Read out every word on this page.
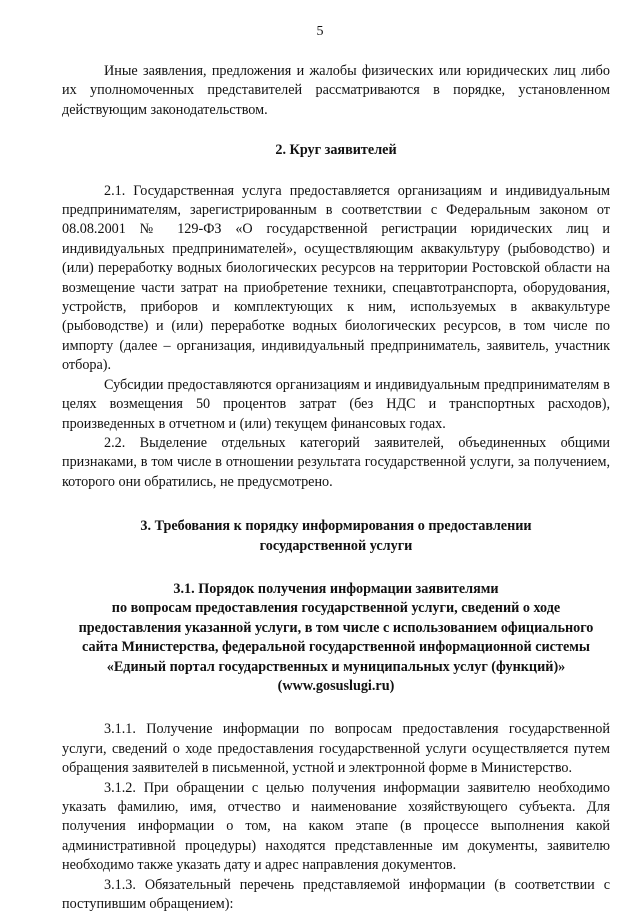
5

Иные заявления, предложения и жалобы физических или юридических лиц либо их уполномоченных представителей рассматриваются в порядке, установленном действующим законодательством.

2. Круг заявителей

2.1. Государственная услуга предоставляется организациям и индивидуальным предпринимателям, зарегистрированным в соответствии с Федеральным законом от 08.08.2001 № 129-ФЗ «О государственной регистрации юридических лиц и индивидуальных предпринимателей», осуществляющим аквакультуру (рыбоводство) и (или) переработку водных биологических ресурсов на территории Ростовской области на возмещение части затрат на приобретение техники, спецавтотранспорта, оборудования, устройств, приборов и комплектующих к ним, используемых в аквакультуре (рыбоводстве) и (или) переработке водных биологических ресурсов, в том числе по импорту (далее – организация, индивидуальный предприниматель, заявитель, участник отбора).

Субсидии предоставляются организациям и индивидуальным предпринимателям в целях возмещения 50 процентов затрат (без НДС и транспортных расходов), произведенных в отчетном и (или) текущем финансовых годах.

2.2. Выделение отдельных категорий заявителей, объединенных общими признаками, в том числе в отношении результата государственной услуги, за получением, которого они обратились, не предусмотрено.

3. Требования к порядку информирования о предоставлении
государственной услуги
3.1. Порядок получения информации заявителями
по вопросам предоставления государственной услуги, сведений о ходе
предоставления указанной услуги, в том числе с использованием официального
сайта Министерства, федеральной государственной информационной системы
«Единый портал государственных и муниципальных услуг (функций)»
(www.gosuslugi.ru)

3.1.1. Получение информации по вопросам предоставления государственной услуги, сведений о ходе предоставления государственной услуги осуществляется путем обращения заявителей в письменной, устной и электронной форме в Министерство.

3.1.2. При обращении с целью получения информации заявителю необходимо указать фамилию, имя, отчество и наименование хозяйствующего субъекта. Для получения информации о том, на каком этапе (в процессе выполнения какой административной процедуры) находятся представленные им документы, заявителю необходимо также указать дату и адрес направления документов.

3.1.3. Обязательный перечень представляемой информации (в соответствии с поступившим обращением):
